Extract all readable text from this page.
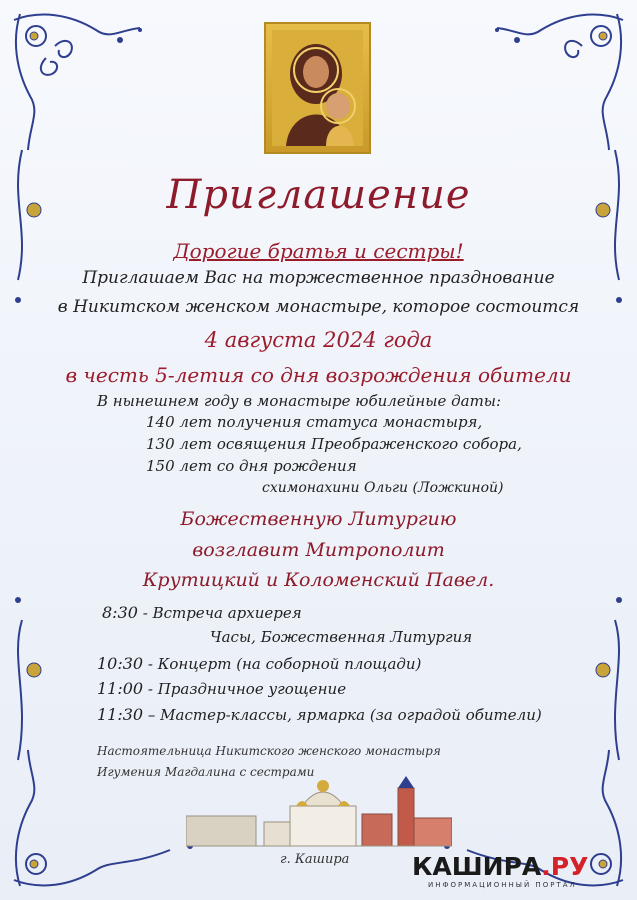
Приглашение
Дорогие братья и сестры!
Приглашаем Вас на торжественное празднование
в Никитском женском монастыре, которое состоится
4 августа 2024 года
в честь 5-летия со дня возрождения обители
В нынешнем году в монастыре юбилейные даты:
140 лет получения статуса монастыря,
130 лет освящения Преображенского собора,
150 лет со дня рождения
схимонахини Ольги (Ложкиной)
Божественную Литургию
возглавит Митрополит
Крутицкий и Коломенский Павел.
8:30 - Встреча архиерея
Часы, Божественная Литургия
10:30 - Концерт (на соборной площади)
11:00 - Праздничное угощение
11:30 – Мастер-классы, ярмарка (за оградой обители)
Настоятельница Никитского женского монастыря
Игумения Магдалина с сестрами
г. Кашира	КАШИРА.РУ
ИНФОРМАЦИОННЫЙ ПОРТАЛ
